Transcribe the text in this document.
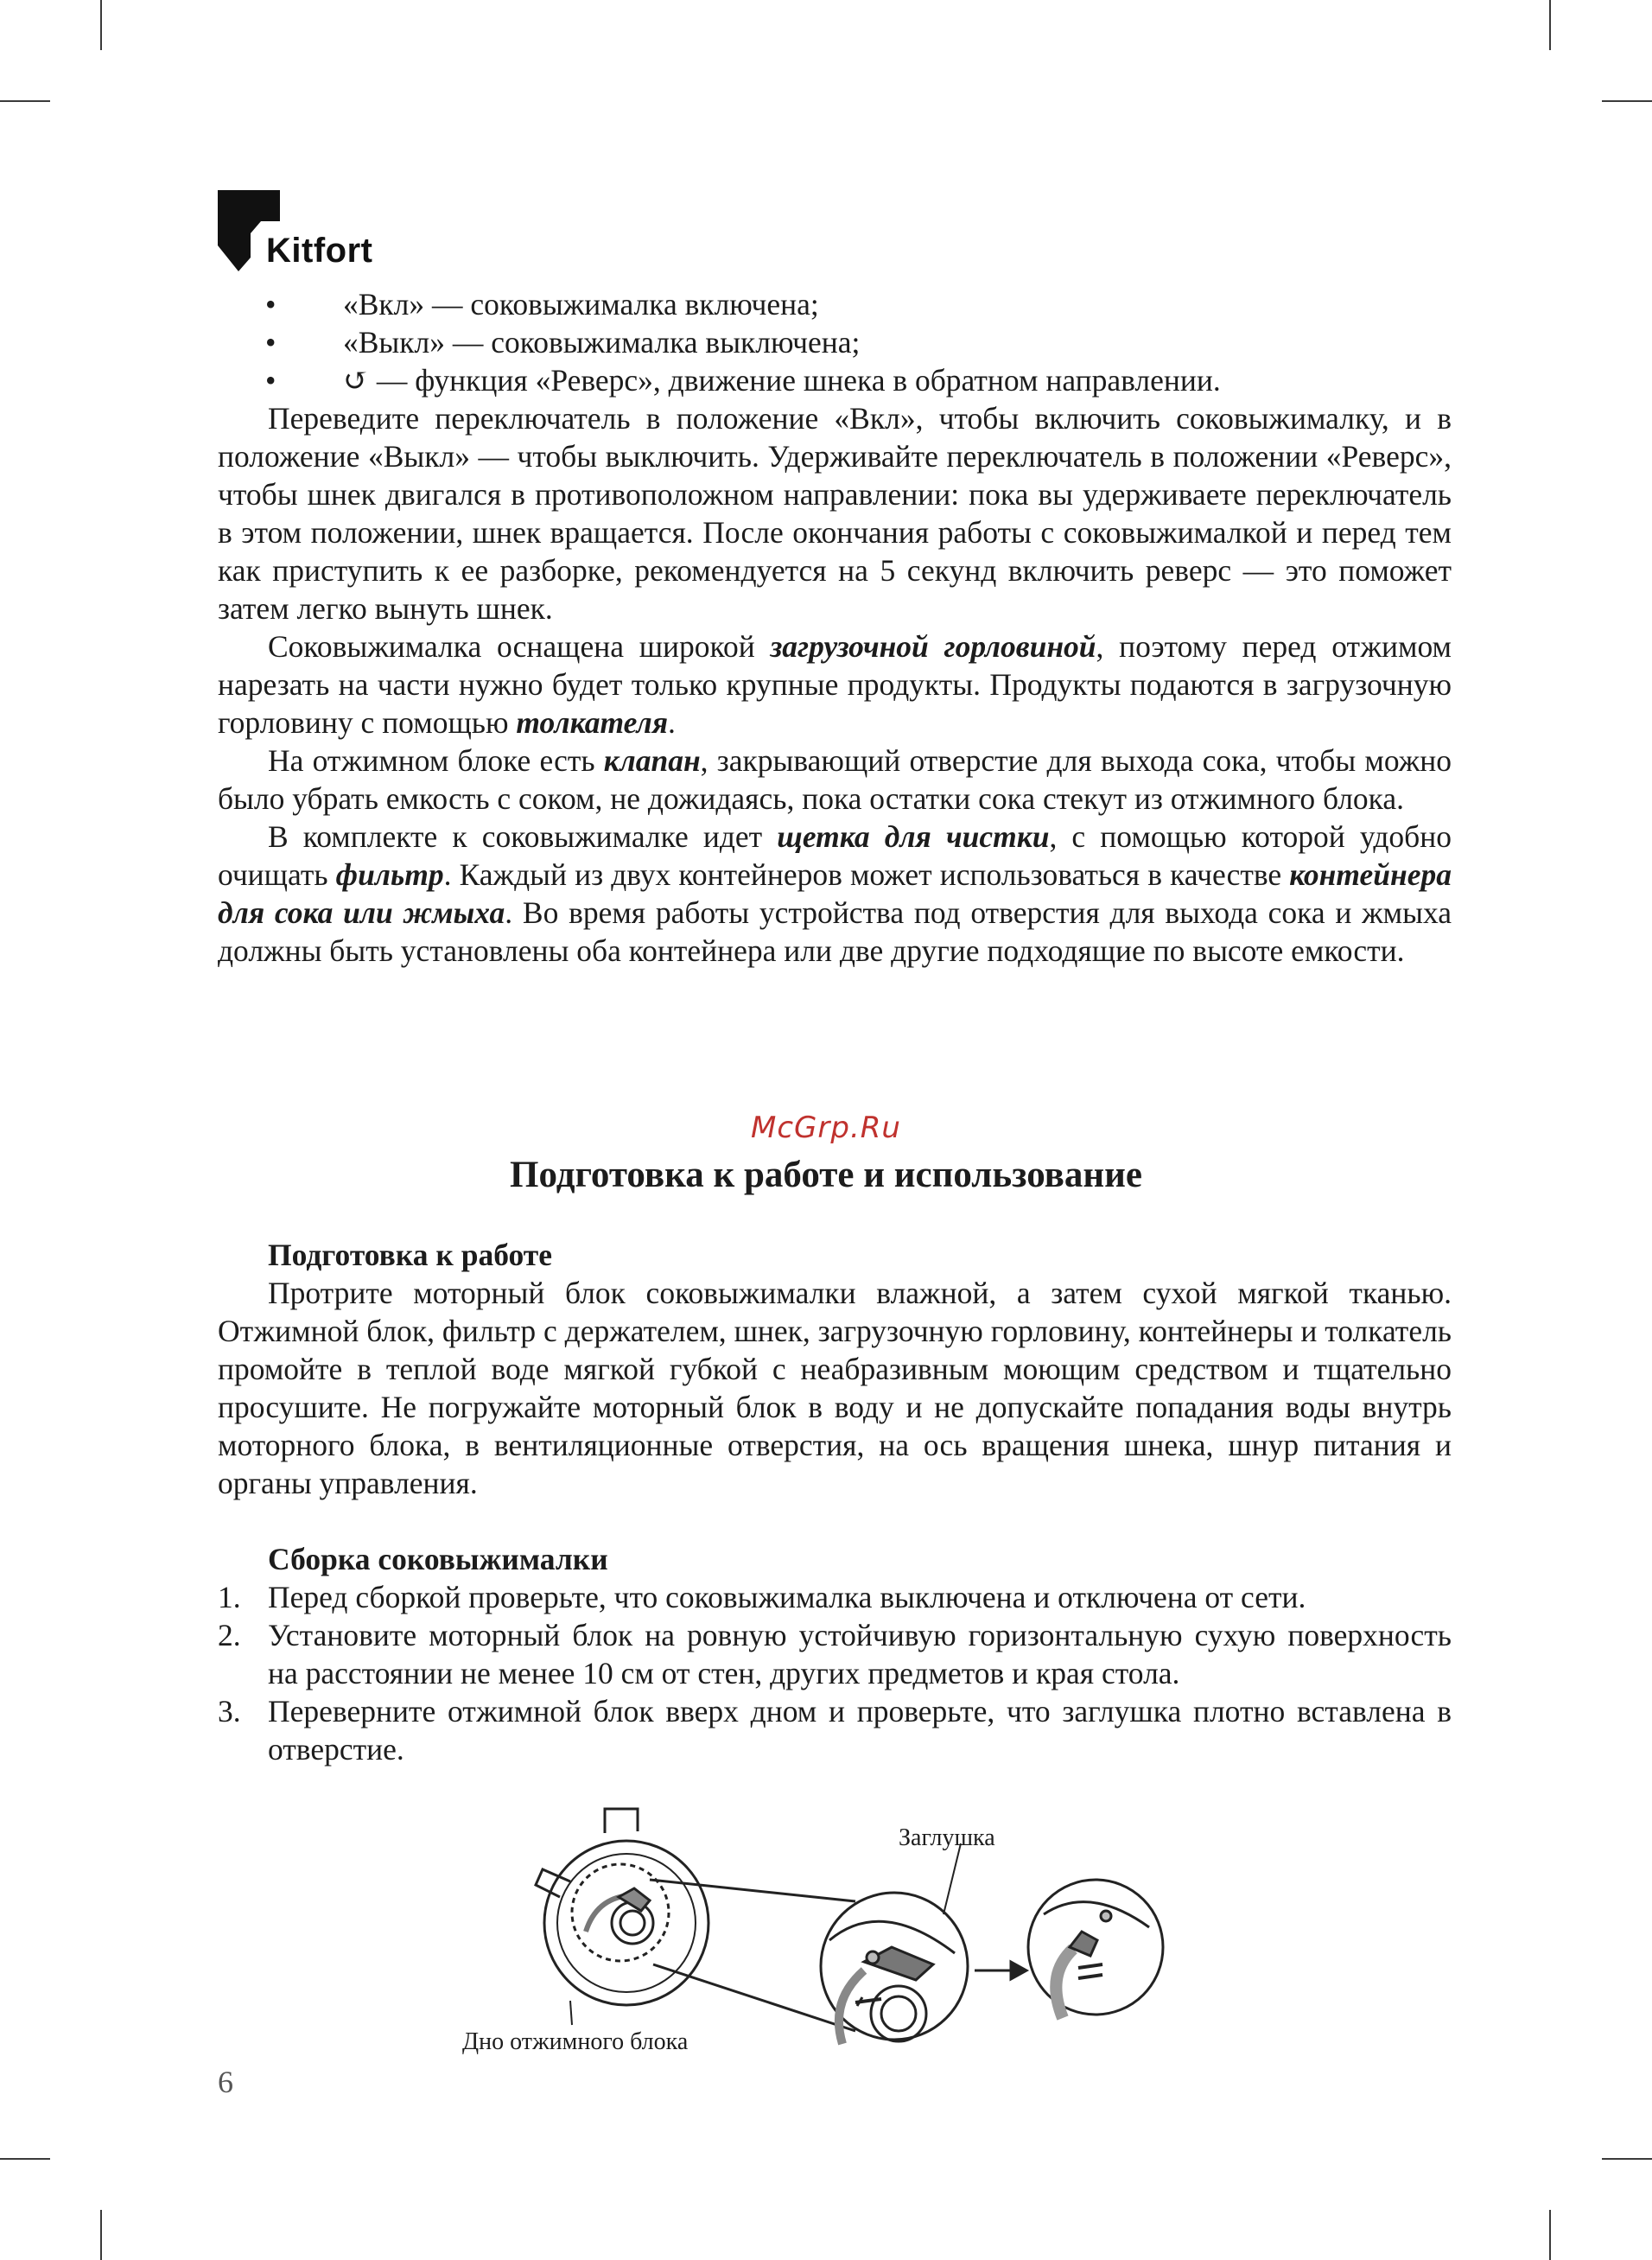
Kitfort
• «Вкл» — соковыжималка включена;
• «Выкл» — соковыжималка выключена;
• ↺ — функция «Реверс», движение шнека в обратном направлении.

Переведите переключатель в положение «Вкл», чтобы включить соковыжималку, и в положение «Выкл» — чтобы выключить. Удерживайте переключатель в положении «Реверс», чтобы шнек двигался в противоположном направлении: пока вы удерживаете переключатель в этом положении, шнек вращается. После окончания работы с соковыжималкой и перед тем как приступить к ее разборке, рекомендуется на 5 секунд включить реверс — это поможет затем легко вынуть шнек.

Соковыжималка оснащена широкой загрузочной горловиной, поэтому перед отжимом нарезать на части нужно будет только крупные продукты. Продукты подаются в загрузочную горловину с помощью толкателя.

На отжимном блоке есть клапан, закрывающий отверстие для выхода сока, чтобы можно было убрать емкость с соком, не дожидаясь, пока остатки сока стекут из отжимного блока.

В комплекте к соковыжималке идет щетка для чистки, с помощью которой удобно очищать фильтр. Каждый из двух контейнеров может использоваться в качестве контейнера для сока или жмыха. Во время работы устройства под отверстия для выхода сока и жмыха должны быть установлены оба контейнера или две другие подходящие по высоте емкости.

McGrp.Ru
Подготовка к работе и использование
Подготовка к работе

Протрите моторный блок соковыжималки влажной, а затем сухой мягкой тканью. Отжимной блок, фильтр с держателем, шнек, загрузочную горловину, контейнеры и толкатель промойте в теплой воде мягкой губкой с неабразивным моющим средством и тщательно просушите. Не погружайте моторный блок в воду и не допускайте попадания воды внутрь моторного блока, в вентиляционные отверстия, на ось вращения шнека, шнур питания и органы управления.

Сборка соковыжималки
1. Перед сборкой проверьте, что соковыжималка выключена и отключена от сети.
2. Установите моторный блок на ровную устойчивую горизонтальную сухую поверхность на расстоянии не менее 10 см от стен, других предметов и края стола.
3. Переверните отжимной блок вверх дном и проверьте, что заглушка плотно вставлена в отверстие.
Заглушка
Дно отжимного блока
6
